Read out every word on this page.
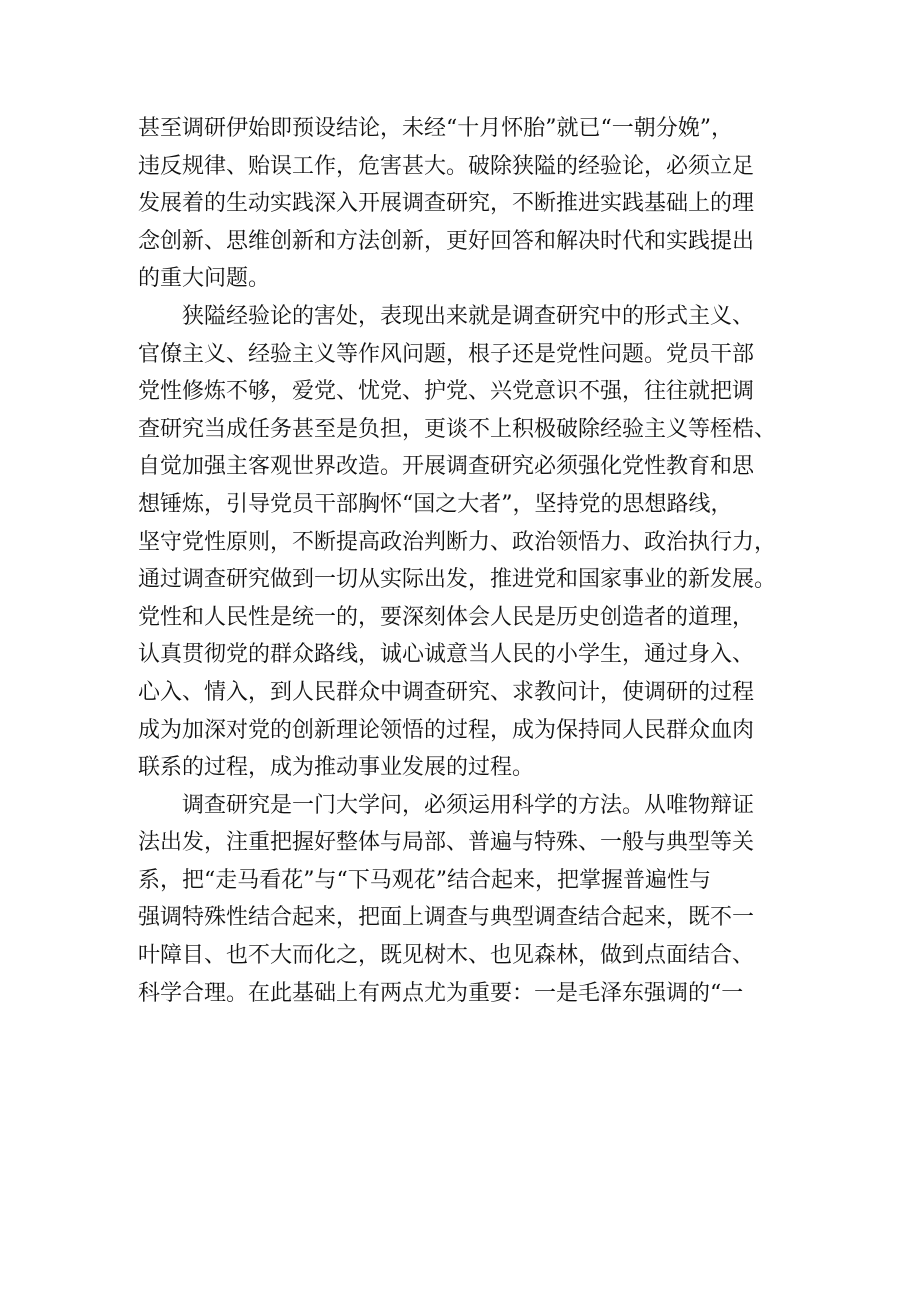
甚至调研伊始即预设结论，未经“十月怀胎”就已“一朝分娩”，
违反规律、贻误工作，危害甚大。破除狭隘的经验论，必须立足
发展着的生动实践深入开展调查研究，不断推进实践基础上的理
念创新、思维创新和方法创新，更好回答和解决时代和实践提出
的重大问题。

狭隘经验论的害处，表现出来就是调查研究中的形式主义、
官僚主义、经验主义等作风问题，根子还是党性问题。党员干部
党性修炼不够，爱党、忧党、护党、兴党意识不强，往往就把调
查研究当成任务甚至是负担，更谈不上积极破除经验主义等桎梏、
自觉加强主客观世界改造。开展调查研究必须强化党性教育和思
想锤炼，引导党员干部胸怀“国之大者”，坚持党的思想路线，
坚守党性原则，不断提高政治判断力、政治领悟力、政治执行力，
通过调查研究做到一切从实际出发，推进党和国家事业的新发展。
党性和人民性是统一的，要深刻体会人民是历史创造者的道理，
认真贯彻党的群众路线，诚心诚意当人民的小学生，通过身入、
心入、情入，到人民群众中调查研究、求教问计，使调研的过程
成为加深对党的创新理论领悟的过程，成为保持同人民群众血肉
联系的过程，成为推动事业发展的过程。

调查研究是一门大学问，必须运用科学的方法。从唯物辩证
法出发，注重把握好整体与局部、普遍与特殊、一般与典型等关
系，把“走马看花”与“下马观花”结合起来，把掌握普遍性与
强调特殊性结合起来，把面上调查与典型调查结合起来，既不一
叶障目、也不大而化之，既见树木、也见森林，做到点面结合、
科学合理。在此基础上有两点尤为重要：一是毛泽东强调的“一
